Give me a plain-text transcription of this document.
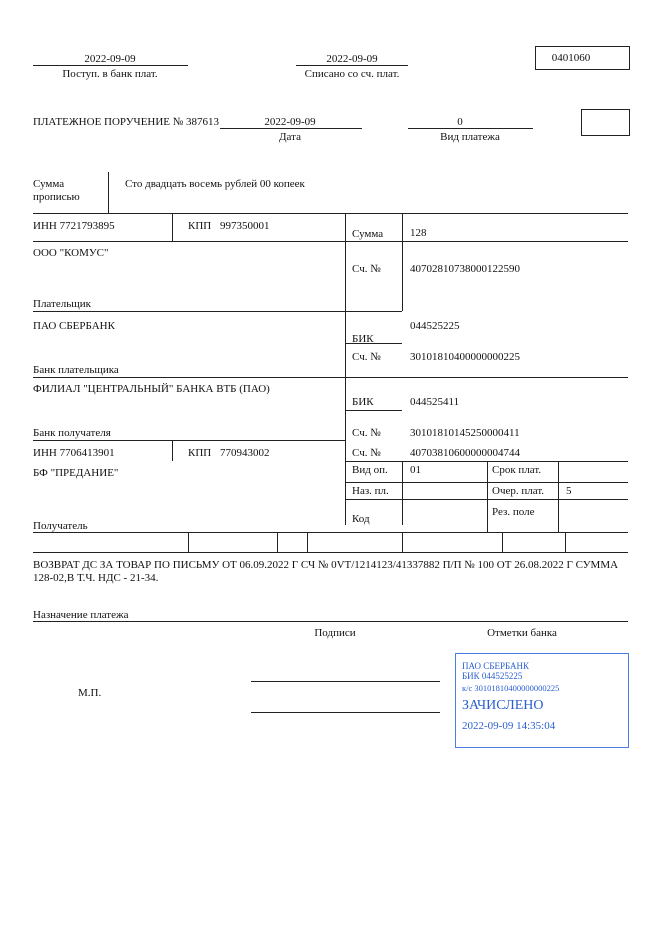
2022-09-09
Поступ. в банк плат.
2022-09-09
Списано со сч. плат.
0401060
ПЛАТЕЖНОЕ ПОРУЧЕНИЕ № 387613	2022-09-09
Дата
0
Вид платежа
Сумма
прописью
Сто двадцать восемь рублей 00 копеек
ИНН 7721793895	КПП 997350001
Сумма 128
ООО "КОМУС"
Сч. №	40702810738000122590
Плательщик
ПАО СБЕРБАНК
БИК
044525225
Сч. №	30101810400000000225
Банк плательщика
ФИЛИАЛ "ЦЕНТРАЛЬНЫЙ" БАНКА ВТБ (ПАО)
БИК	044525411
Сч. №	30101810145250000411
Банк получателя
ИНН 7706413901	КПП 770943002	Сч. №	40703810600000004744
БФ "ПРЕДАНИЕ"
Получатель
Вид оп. 01	Срок плат.
Наз. пл.	Очер. плат. 5
Код
Рез. поле
ВОЗВРАТ ДС ЗА ТОВАР ПО ПИСЬМУ ОТ 06.09.2022 Г СЧ № 0VT/1214123/41337882 П/П № 100 ОТ 26.08.2022 Г СУММА
128-02,В Т.Ч. НДС - 21-34.
Назначение платежа
Подписи	Отметки банка
М.П.
ПАО СБЕРБАНК
БИК 044525225
к/с 30101810400000000225
ЗАЧИСЛЕНО
2022-09-09 14:35:04
